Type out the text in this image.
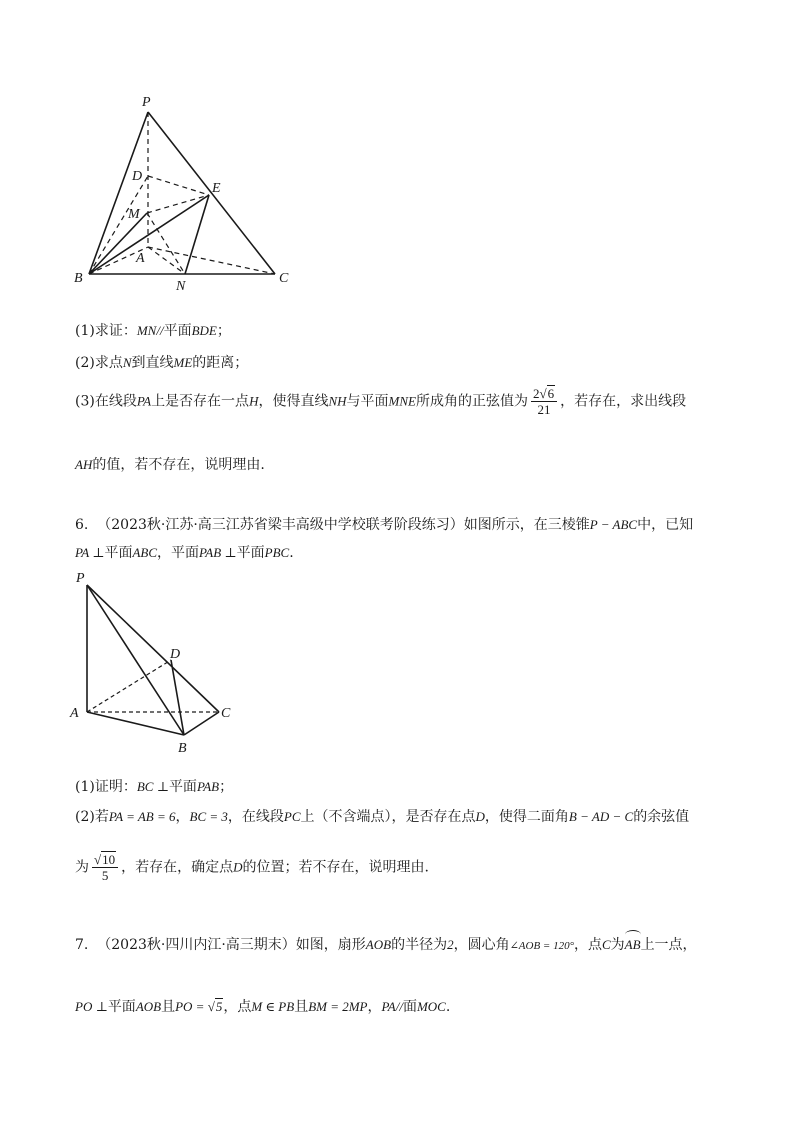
P
D
E
M
A
B
N
C
(1)求证：MN//平面BDE；
(2)求点N到直线ME的距离；
(3)在线段PA上是否存在一点H，使得直线NH与平面MNE所成角的正弦值为 $\frac{2√6}{21}$ ，若存在，求出线段
AH的值，若不存在，说明理由.
6. （2023秋·江苏·高三江苏省梁丰高级中学校联考阶段练习）如图所示，在三棱锥P − ABC中，已知
PA ⊥平面ABC，平面PAB ⊥平面PBC.
P
D
A	C
B
(1)证明：BC ⊥平面PAB；
(2)若PA = AB = 6，BC = 3，在线段PC上（不含端点），是否存在点D，使得二面角B − AD − C的余弦值
为 $\frac{√10}{5}$ ，若存在，确定点D的位置；若不存在，说明理由.
7. （2023秋·四川内江·高三期末）如图，扇形AOB的半径为2，圆心角∠AOB = 120°，点C为AB上一点，
PO ⊥平面AOB且PO = √5，点M ∈ PB且BM = 2MP，PA//面MOC.
